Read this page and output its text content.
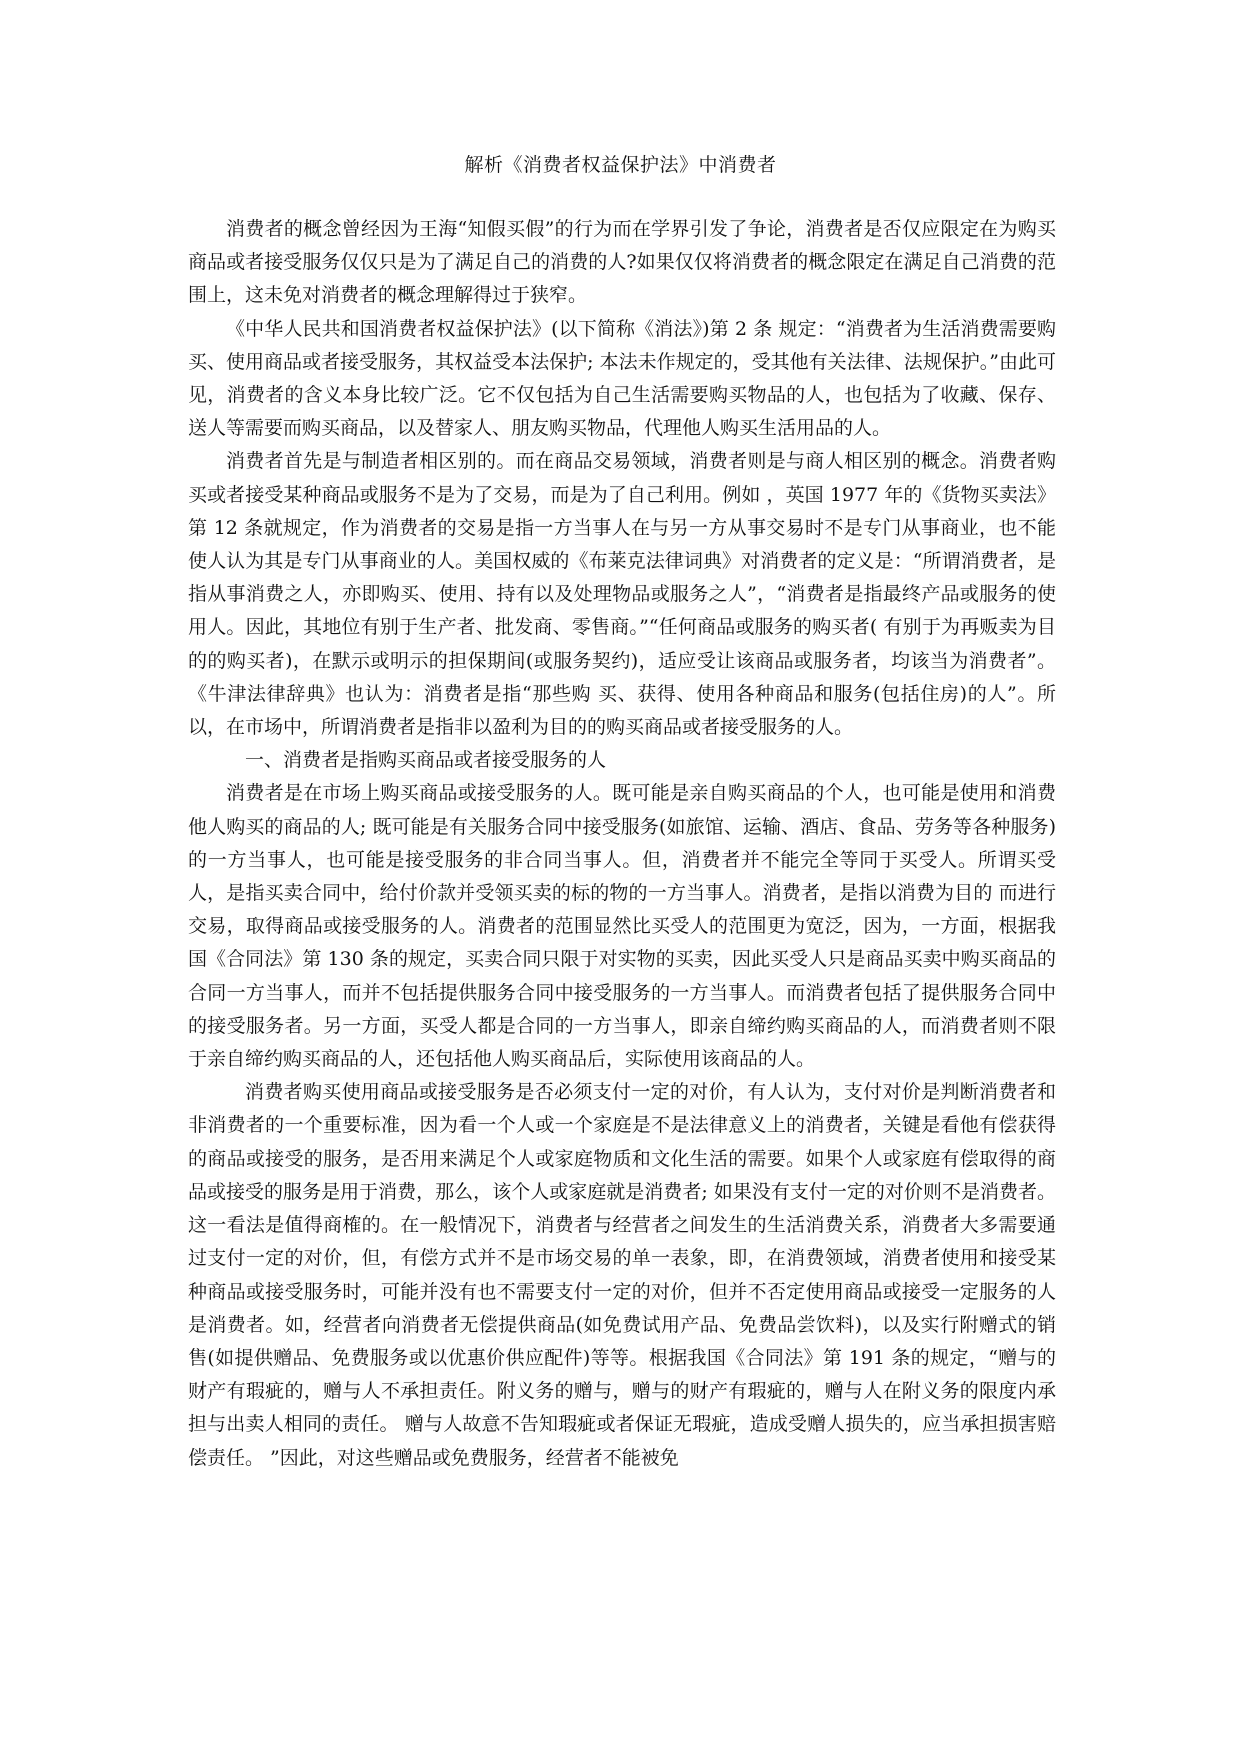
解析《消费者权益保护法》中消费者

消费者的概念曾经因为王海“知假买假”的行为而在学界引发了争论，消费者是否仅应限定在为购买商品或者接受服务仅仅只是为了满足自己的消费的人?如果仅仅将消费者的概念限定在满足自己消费的范围上，这未免对消费者的概念理解得过于狭窄。

《中华人民共和国消费者权益保护法》(以下简称《消法》)第 2 条 规定：“消费者为生活消费需要购买、使用商品或者接受服务，其权益受本法保护; 本法未作规定的，受其他有关法律、法规保护。”由此可见，消费者的含义本身比较广泛。它不仅包括为自己生活需要购买物品的人，也包括为了收藏、保存、送人等需要而购买商品，以及替家人、朋友购买物品，代理他人购买生活用品的人。

消费者首先是与制造者相区别的。而在商品交易领域，消费者则是与商人相区别的概念。消费者购买或者接受某种商品或服务不是为了交易，而是为了自己利用。例如 ，英国 1977 年的《货物买卖法》第 12 条就规定，作为消费者的交易是指一方当事人在与另一方从事交易时不是专门从事商业，也不能使人认为其是专门从事商业的人。美国权威的《布莱克法律词典》对消费者的定义是：“所谓消费者，是指从事消费之人，亦即购买、使用、持有以及处理物品或服务之人”，“消费者是指最终产品或服务的使用人。因此，其地位有别于生产者、批发商、零售商。”“任何商品或服务的购买者( 有别于为再贩卖为目的的购买者)，在默示或明示的担保期间(或服务契约)，适应受让该商品或服务者，均该当为消费者”。《牛津法律辞典》也认为：消费者是指“那些购 买、获得、使用各种商品和服务(包括住房)的人”。所以，在市场中，所谓消费者是指非以盈利为目的的购买商品或者接受服务的人。

一、消费者是指购买商品或者接受服务的人

消费者是在市场上购买商品或接受服务的人。既可能是亲自购买商品的个人，也可能是使用和消费他人购买的商品的人; 既可能是有关服务合同中接受服务(如旅馆、运输、酒店、食品、劳务等各种服务)的一方当事人，也可能是接受服务的非合同当事人。但，消费者并不能完全等同于买受人。所谓买受人，是指买卖合同中，给付价款并受领买卖的标的物的一方当事人。消费者，是指以消费为目的 而进行交易，取得商品或接受服务的人。消费者的范围显然比买受人的范围更为宽泛，因为，一方面，根据我国《合同法》第 130 条的规定，买卖合同只限于对实物的买卖，因此买受人只是商品买卖中购买商品的合同一方当事人，而并不包括提供服务合同中接受服务的一方当事人。而消费者包括了提供服务合同中的接受服务者。另一方面，买受人都是合同的一方当事人，即亲自缔约购买商品的人，而消费者则不限于亲自缔约购买商品的人，还包括他人购买商品后，实际使用该商品的人。

消费者购买使用商品或接受服务是否必须支付一定的对价，有人认为，支付对价是判断消费者和非消费者的一个重要标准，因为看一个人或一个家庭是不是法律意义上的消费者，关键是看他有偿获得的商品或接受的服务，是否用来满足个人或家庭物质和文化生活的需要。如果个人或家庭有偿取得的商品或接受的服务是用于消费，那么，该个人或家庭就是消费者; 如果没有支付一定的对价则不是消费者。这一看法是值得商榷的。在一般情况下，消费者与经营者之间发生的生活消费关系，消费者大多需要通过支付一定的对价，但，有偿方式并不是市场交易的单一表象，即，在消费领域，消费者使用和接受某种商品或接受服务时，可能并没有也不需要支付一定的对价，但并不否定使用商品或接受一定服务的人是消费者。如，经营者向消费者无偿提供商品(如免费试用产品、免费品尝饮料)，以及实行附赠式的销售(如提供赠品、免费服务或以优惠价供应配件)等等。根据我国《合同法》第 191 条的规定，“赠与的财产有瑕疵的，赠与人不承担责任。附义务的赠与，赠与的财产有瑕疵的，赠与人在附义务的限度内承担与出卖人相同的责任。 赠与人故意不告知瑕疵或者保证无瑕疵，造成受赠人损失的，应当承担损害赔偿责任。 ”因此，对这些赠品或免费服务，经营者不能被免
